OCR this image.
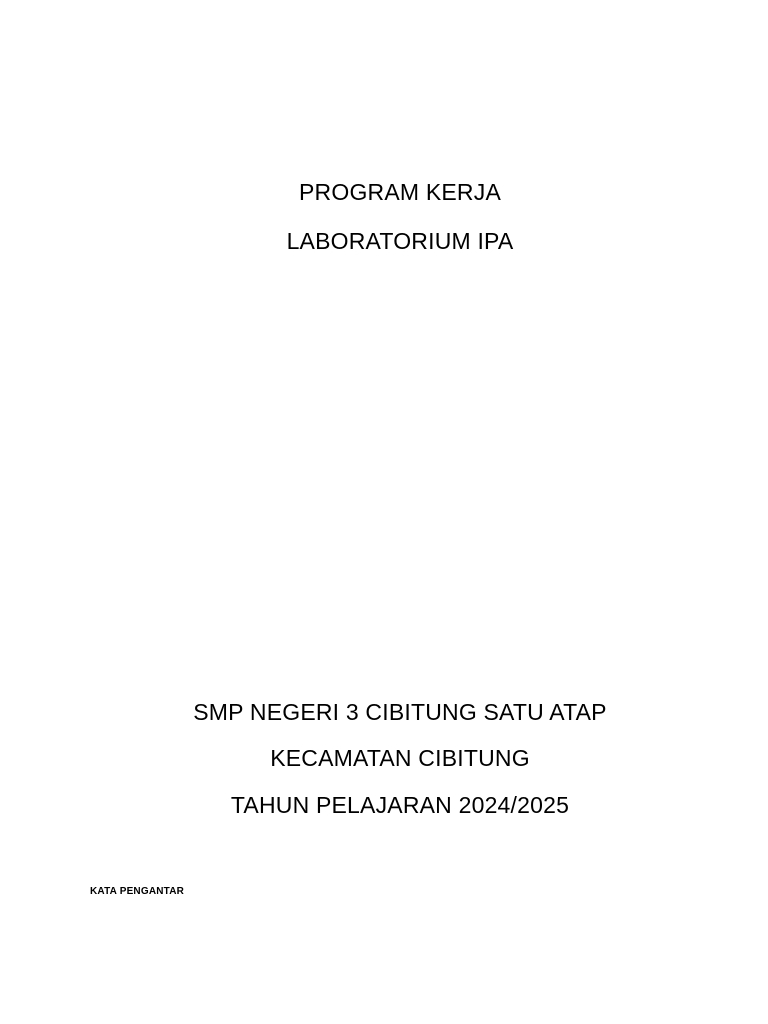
PROGRAM KERJA
LABORATORIUM IPA
SMP NEGERI 3 CIBITUNG SATU ATAP
KECAMATAN CIBITUNG
TAHUN PELAJARAN 2024/2025
KATA PENGANTAR
